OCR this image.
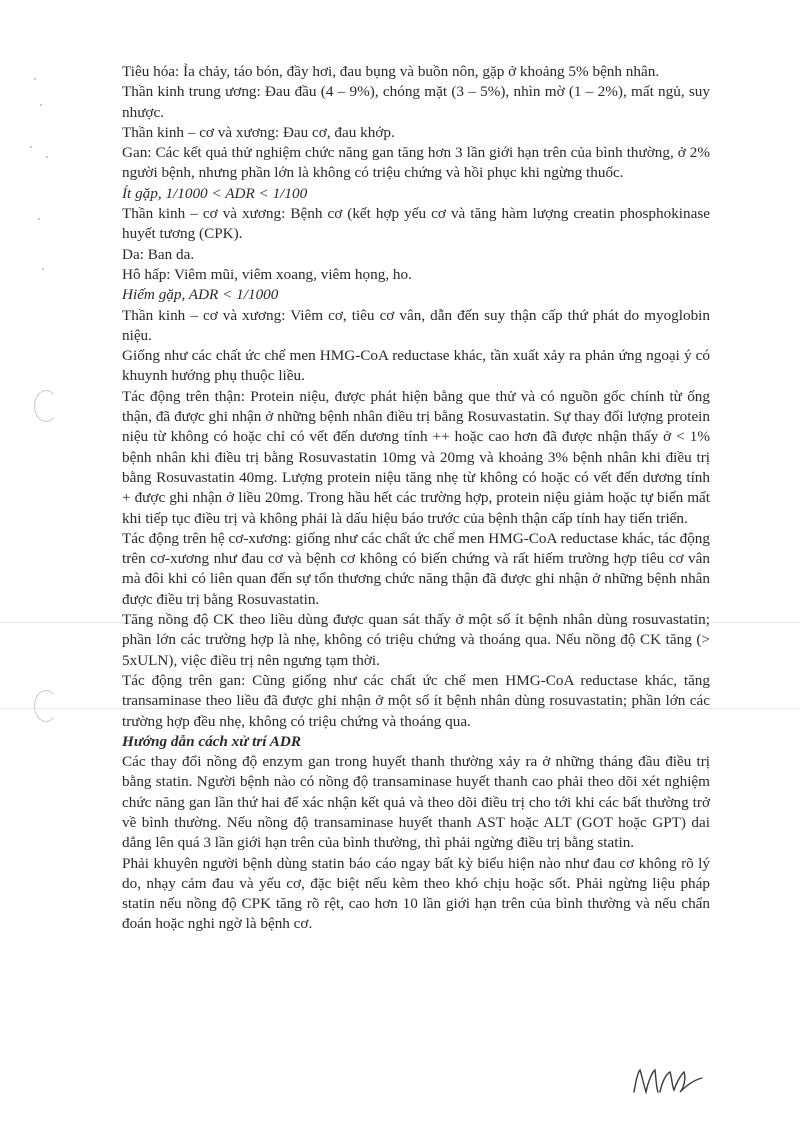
Tiêu hóa: Ỉa chảy, táo bón, đầy hơi, đau bụng và buồn nôn, gặp ở khoảng 5% bệnh nhân.

Thần kinh trung ương: Đau đầu (4 – 9%), chóng mặt (3 – 5%), nhìn mờ (1 – 2%), mất ngủ, suy nhược.

Thần kinh – cơ và xương: Đau cơ, đau khớp.

Gan: Các kết quả thử nghiệm chức năng gan tăng hơn 3 lần giới hạn trên của bình thường, ở 2% người bệnh, nhưng phần lớn là không có triệu chứng và hồi phục khi ngừng thuốc.

Ít gặp, 1/1000 < ADR < 1/100

Thần kinh – cơ và xương: Bệnh cơ (kết hợp yếu cơ và tăng hàm lượng creatin phosphokinase huyết tương (CPK).

Da: Ban da.

Hô hấp: Viêm mũi, viêm xoang, viêm họng, ho.

Hiếm gặp, ADR < 1/1000

Thần kinh – cơ và xương: Viêm cơ, tiêu cơ vân, dẫn đến suy thận cấp thứ phát do myoglobin niệu.

Giống như các chất ức chế men HMG-CoA reductase khác, tần xuất xảy ra phản ứng ngoại ý có khuynh hướng phụ thuộc liều.

Tác động trên thận: Protein niệu, được phát hiện bằng que thử và có nguồn gốc chính từ ống thận, đã được ghi nhận ở những bệnh nhân điều trị bằng Rosuvastatin. Sự thay đổi lượng protein niệu từ không có hoặc chỉ có vết đến dương tính ++ hoặc cao hơn đã được nhận thấy ở < 1% bệnh nhân khi điều trị bằng Rosuvastatin 10mg và 20mg và khoảng 3% bệnh nhân khi điều trị bằng Rosuvastatin 40mg. Lượng protein niệu tăng nhẹ từ không có hoặc có vết đến dương tính + được ghi nhận ở liều 20mg. Trong hầu hết các trường hợp, protein niệu giảm hoặc tự biến mất khi tiếp tục điều trị và không phải là dấu hiệu báo trước của bệnh thận cấp tính hay tiến triển.

Tác động trên hệ cơ-xương: giống như các chất ức chế men HMG-CoA reductase khác, tác động trên cơ-xương như đau cơ và bệnh cơ không có biến chứng và rất hiếm trường hợp tiêu cơ vân mà đôi khi có liên quan đến sự tổn thương chức năng thận đã được ghi nhận ở những bệnh nhân được điều trị bằng Rosuvastatin.

Tăng nồng độ CK theo liều dùng được quan sát thấy ở một số ít bệnh nhân dùng rosuvastatin; phần lớn các trường hợp là nhẹ, không có triệu chứng và thoáng qua. Nếu nồng độ CK tăng (> 5xULN), việc điều trị nên ngưng tạm thời.

Tác động trên gan: Cũng giống như các chất ức chế men HMG-CoA reductase khác, tăng transaminase theo liều đã được ghi nhận ở một số ít bệnh nhân dùng rosuvastatin; phần lớn các trường hợp đều nhẹ, không có triệu chứng và thoáng qua.

Hướng dẫn cách xử trí ADR

Các thay đổi nồng độ enzym gan trong huyết thanh thường xảy ra ở những tháng đầu điều trị bằng statin. Người bệnh nào có nồng độ transaminase huyết thanh cao phải theo dõi xét nghiệm chức năng gan lần thứ hai để xác nhận kết quả và theo dõi điều trị cho tới khi các bất thường trở về bình thường. Nếu nồng độ transaminase huyết thanh AST hoặc ALT (GOT hoặc GPT) dai dẳng lên quá 3 lần giới hạn trên của bình thường, thì phải ngừng điều trị bằng statin.

Phải khuyên người bệnh dùng statin báo cáo ngay bất kỳ biểu hiện nào như đau cơ không rõ lý do, nhạy cảm đau và yếu cơ, đặc biệt nếu kèm theo khó chịu hoặc sốt. Phải ngừng liệu pháp statin nếu nồng độ CPK tăng rõ rệt, cao hơn 10 lần giới hạn trên của bình thường và nếu chẩn đoán hoặc nghi ngờ là bệnh cơ.
